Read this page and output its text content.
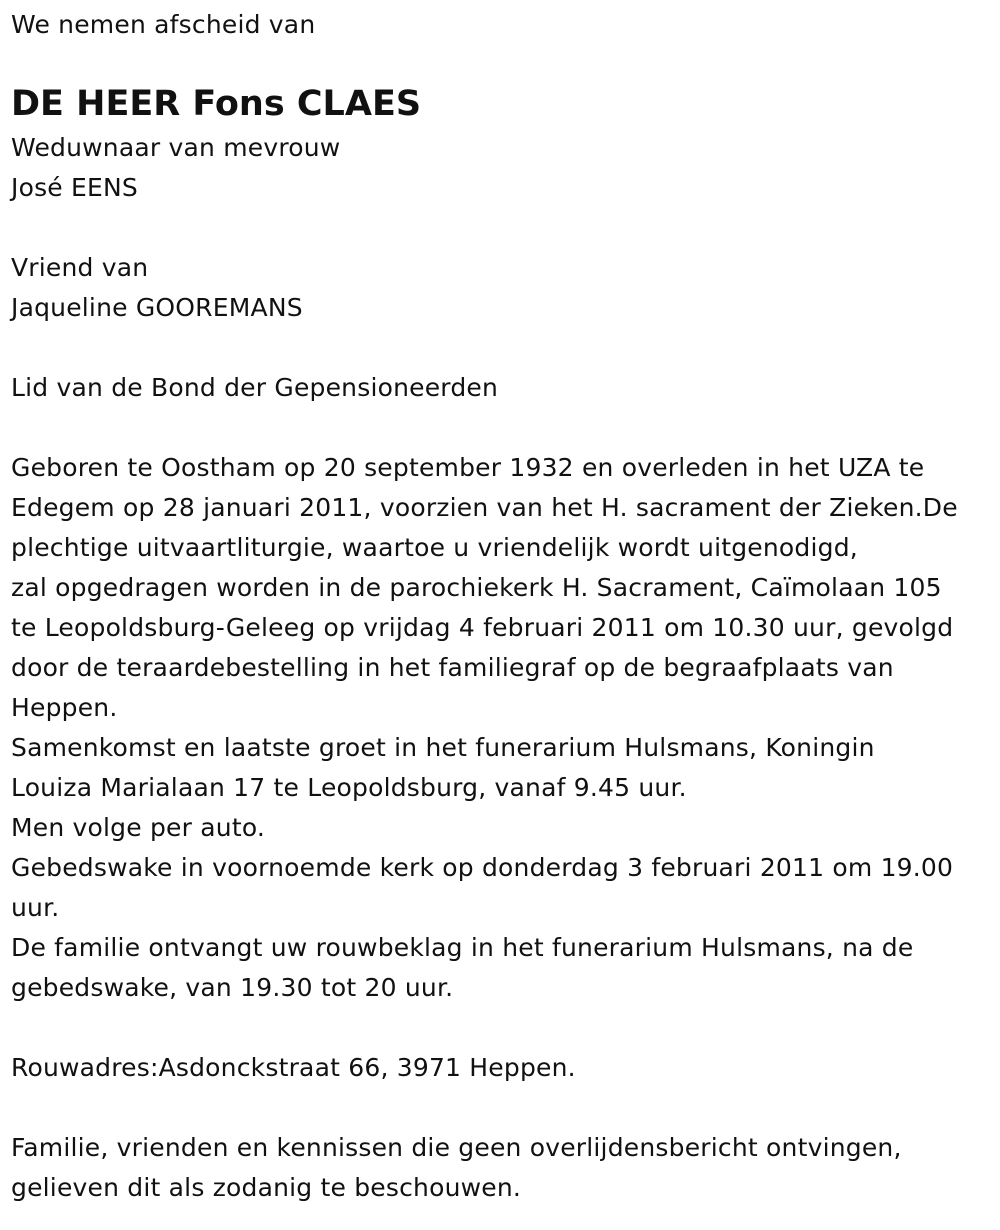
We nemen afscheid van
DE HEER Fons CLAES
Weduwnaar van mevrouw
José EENS
Vriend van
Jaqueline GOOREMANS
Lid van de Bond der Gepensioneerden
Geboren te Oostham op 20 september 1932 en overleden in het UZA te
Edegem op 28 januari 2011, voorzien van het H. sacrament der Zieken.De
plechtige uitvaartliturgie, waartoe u vriendelijk wordt uitgenodigd,
zal opgedragen worden in de parochiekerk H. Sacrament, Caïmolaan 105
te Leopoldsburg-Geleeg op vrijdag 4 februari 2011 om 10.30 uur, gevolgd
door de teraardebestelling in het familiegraf op de begraafplaats van
Heppen.
Samenkomst en laatste groet in het funerarium Hulsmans, Koningin
Louiza Marialaan 17 te Leopoldsburg, vanaf 9.45 uur.
Men volge per auto.
Gebedswake in voornoemde kerk op donderdag 3 februari 2011 om 19.00
uur.
De familie ontvangt uw rouwbeklag in het funerarium Hulsmans, na de
gebedswake, van 19.30 tot 20 uur.
Rouwadres:Asdonckstraat 66, 3971 Heppen.
Familie, vrienden en kennissen die geen overlijdensbericht ontvingen,
gelieven dit als zodanig te beschouwen.
